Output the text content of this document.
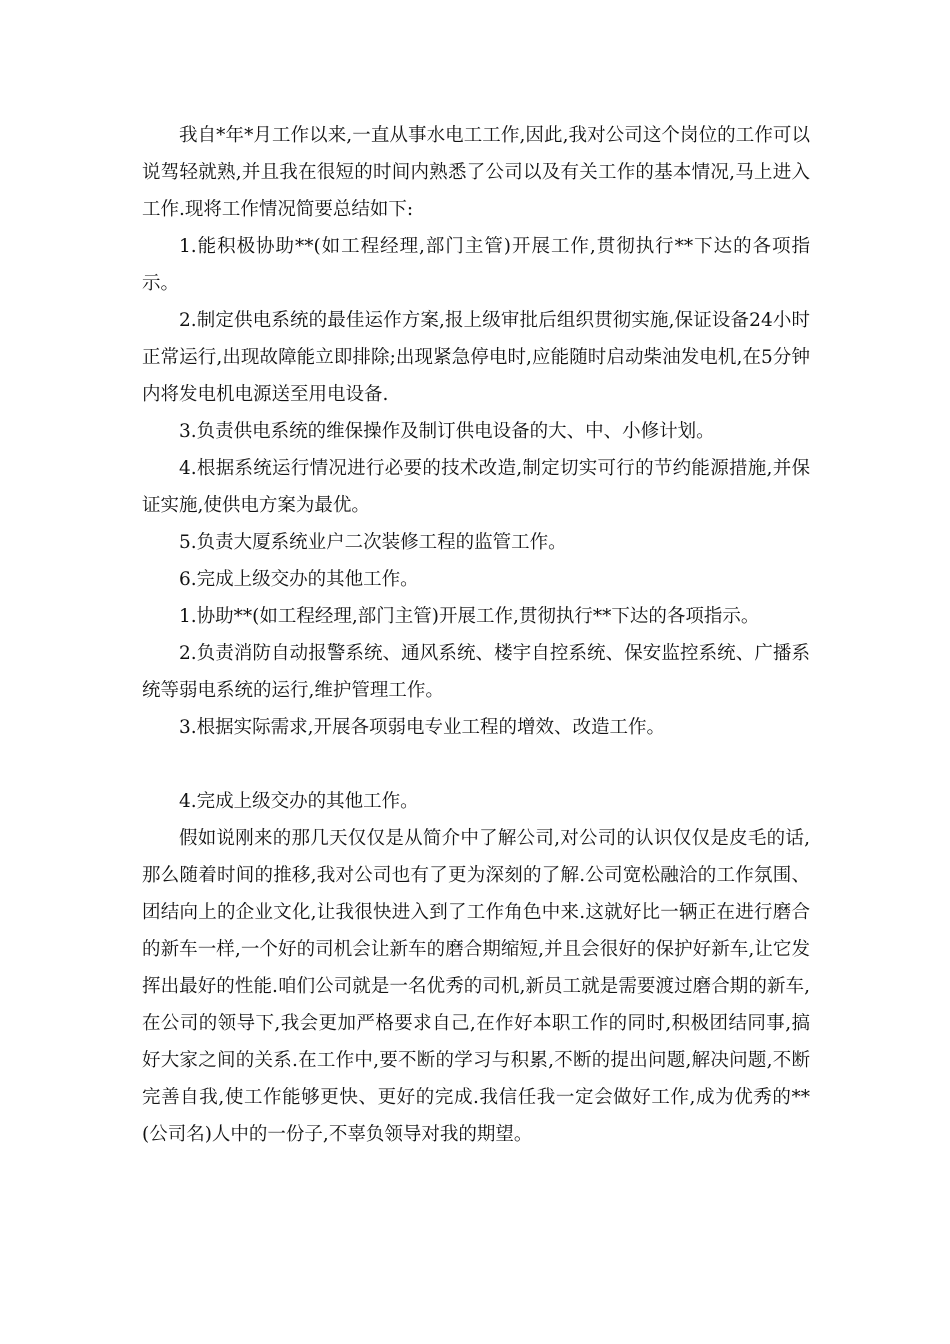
我自*年*月工作以来,一直从事水电工工作,因此,我对公司这个岗位的工作可以说驾轻就熟,并且我在很短的时间内熟悉了公司以及有关工作的基本情况,马上进入工作.现将工作情况简要总结如下:

1.能积极协助**(如工程经理,部门主管)开展工作,贯彻执行**下达的各项指示。

2.制定供电系统的最佳运作方案,报上级审批后组织贯彻实施,保证设备24小时正常运行,出现故障能立即排除;出现紧急停电时,应能随时启动柴油发电机,在5分钟内将发电机电源送至用电设备.

3.负责供电系统的维保操作及制订供电设备的大、中、小修计划。

4.根据系统运行情况进行必要的技术改造,制定切实可行的节约能源措施,并保证实施,使供电方案为最优。

5.负责大厦系统业户二次装修工程的监管工作。

6.完成上级交办的其他工作。

1.协助**(如工程经理,部门主管)开展工作,贯彻执行**下达的各项指示。

2.负责消防自动报警系统、通风系统、楼宇自控系统、保安监控系统、广播系统等弱电系统的运行,维护管理工作。

3.根据实际需求,开展各项弱电专业工程的增效、改造工作。

4.完成上级交办的其他工作。

假如说刚来的那几天仅仅是从简介中了解公司,对公司的认识仅仅是皮毛的话,那么随着时间的推移,我对公司也有了更为深刻的了解.公司宽松融洽的工作氛围、团结向上的企业文化,让我很快进入到了工作角色中来.这就好比一辆正在进行磨合的新车一样,一个好的司机会让新车的磨合期缩短,并且会很好的保护好新车,让它发挥出最好的性能.咱们公司就是一名优秀的司机,新员工就是需要渡过磨合期的新车,在公司的领导下,我会更加严格要求自己,在作好本职工作的同时,积极团结同事,搞好大家之间的关系.在工作中,要不断的学习与积累,不断的提出问题,解决问题,不断完善自我,使工作能够更快、更好的完成.我信任我一定会做好工作,成为优秀的**(公司名)人中的一份子,不辜负领导对我的期望。
